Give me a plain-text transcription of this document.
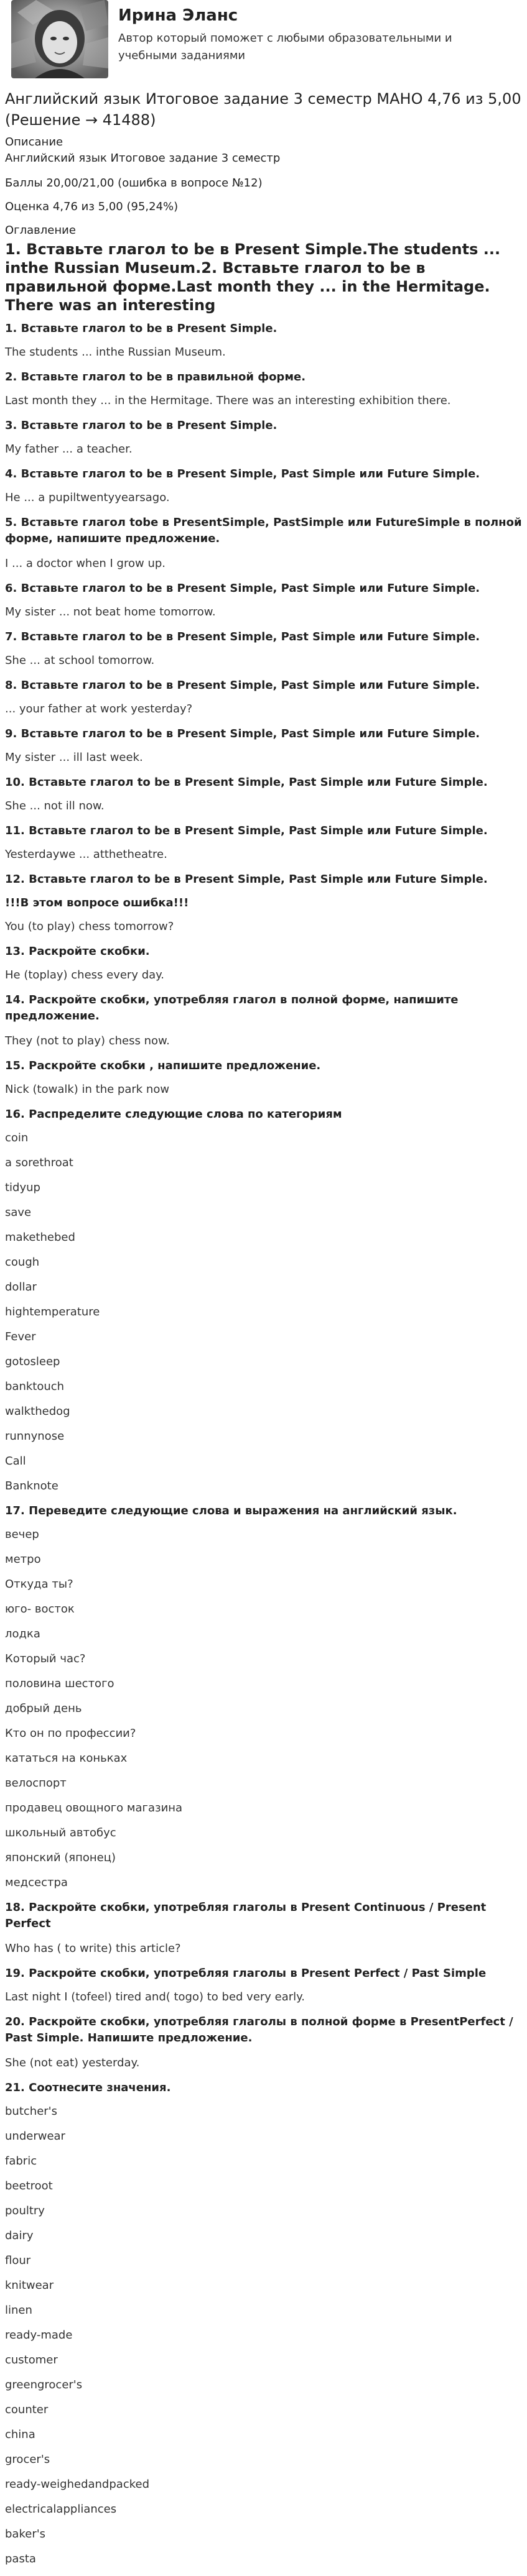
Ирина Эланс

Автор который поможет с любыми образовательными и учебными заданиями

Английский язык Итоговое задание 3 семестр МАНО 4,76 из 5,00 (Решение → 41488)

Описание

Английский язык Итоговое задание 3 семестр

Баллы 20,00/21,00 (ошибка в вопросе №12)

Оценка 4,76 из 5,00 (95,24%)

Оглавление

1. Вставьте глагол to be в Present Simple.The students ... inthe Russian Museum.2. Вставьте глагол to be в правильной форме.Last month they ... in the Hermitage. There was an interesting

1. Вставьте глагол to be в Present Simple.

The students ... inthe Russian Museum.

2. Вставьте глагол to be в правильной форме.

Last month they ... in the Hermitage. There was an interesting exhibition there.

3. Вставьте глагол to be в Present Simple.

My father ... a teacher.

4. Вставьте глагол to be в Present Simple, Past Simple или Future Simple.

He ... a pupiltwentyyearsago.

5. Вставьте глагол tobe в PresentSimple, PastSimple или FutureSimple в полной форме, напишите предложение.

I ... a doctor when I grow up.

6. Вставьте глагол to be в Present Simple, Past Simple или Future Simple.

My sister ... not beat home tomorrow.

7. Вставьте глагол to be в Present Simple, Past Simple или Future Simple.

She ... at school tomorrow.

8. Вставьте глагол to be в Present Simple, Past Simple или Future Simple.

... your father at work yesterday?

9. Вставьте глагол to be в Present Simple, Past Simple или Future Simple.

My sister ... ill last week.

10. Вставьте глагол to be в Present Simple, Past Simple или Future Simple.

She ... not ill now.

11. Вставьте глагол to be в Present Simple, Past Simple или Future Simple.

Yesterdaywe ... atthetheatre.

12. Вставьте глагол to be в Present Simple, Past Simple или Future Simple.

!!!В этом вопросе ошибка!!!

You (to play) chess tomorrow?

13. Раскройте скобки.

He (toplay) chess every day.

14. Раскройте скобки, употребляя глагол в полной форме, напишите предложение.

They (not to play) chess now.

15. Раскройте скобки , напишите предложение.

Nick (towalk) in the park now

16. Распределите следующие слова по категориям

coin

a sorethroat

tidyup

save

makethebed

cough

dollar

hightemperature

Fever

gotosleep

banktouch

walkthedog

runnynose

Call

Banknote

17. Переведите следующие слова и выражения на английский язык.

вечер

метро

Откуда ты?

юго- восток

лодка

Который час?

половина шестого

добрый день

Кто он по профессии?

кататься на коньках

велоспорт

продавец овощного магазина

школьный автобус

японский (японец)

медсестра

18. Раскройте скобки, употребляя глаголы в Present Continuous / Present Perfect

Who has ( to write) this article?

19. Раскройте скобки, употребляя глаголы в Present Perfect / Past Simple

Last night I (tofeel) tired and( togo) to bed very early.

20. Раскройте скобки, употребляя глаголы в полной форме в PresentPerfect / Past Simple. Напишите предложение.

She (not eat) yesterday.

21. Соотнесите значения.

butcher's

underwear

fabric

beetroot

poultry

dairy

flour

knitwear

linen

ready-made

customer

greengrocer's

counter

china

grocer's

ready-weighedandpacked

electricalappliances

baker's

pasta
